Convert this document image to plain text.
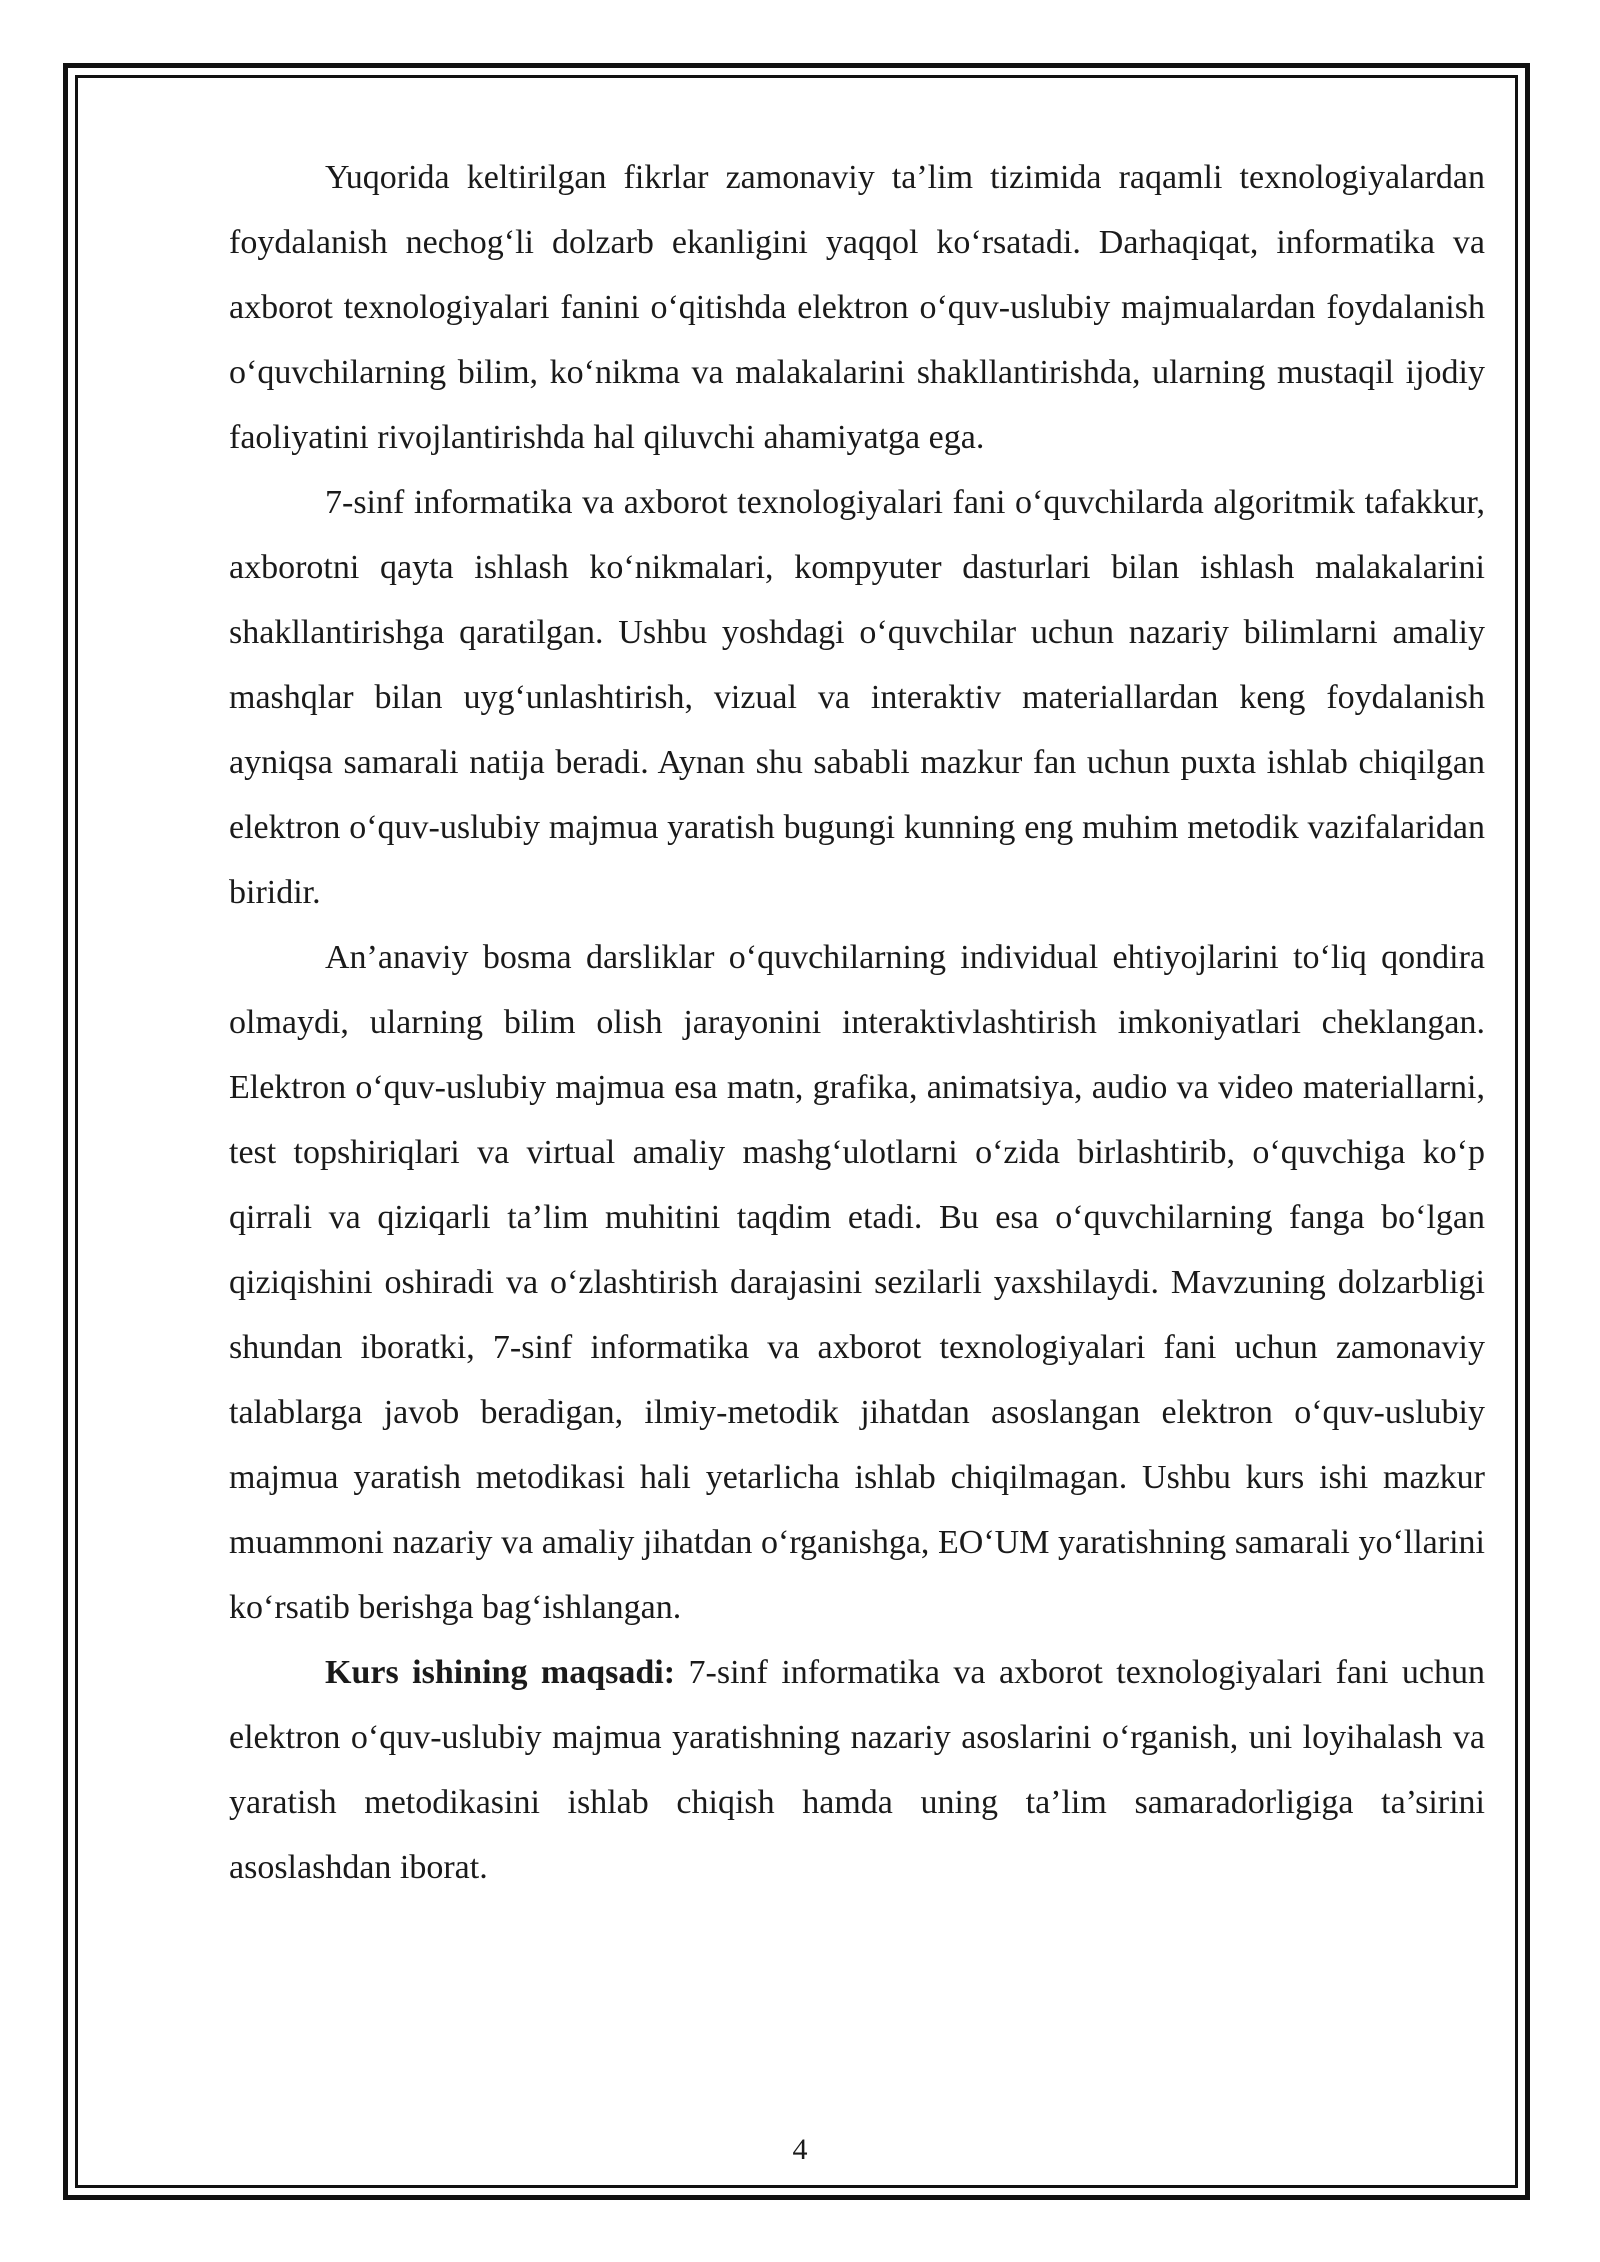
Yuqorida keltirilgan fikrlar zamonaviy ta’lim tizimida raqamli texnologiyalardan foydalanish nechog‘li dolzarb ekanligini yaqqol ko‘rsatadi. Darhaqiqat, informatika va axborot texnologiyalari fanini o‘qitishda elektron o‘quv-uslubiy majmualardan foydalanish o‘quvchilarning bilim, ko‘nikma va malakalarini shakllantirishda, ularning mustaqil ijodiy faoliyatini rivojlantirishda hal qiluvchi ahamiyatga ega.

7-sinf informatika va axborot texnologiyalari fani o‘quvchilarda algoritmik tafakkur, axborotni qayta ishlash ko‘nikmalari, kompyuter dasturlari bilan ishlash malakalarini shakllantirishga qaratilgan. Ushbu yoshdagi o‘quvchilar uchun nazariy bilimlarni amaliy mashqlar bilan uyg‘unlashtirish, vizual va interaktiv materiallardan keng foydalanish ayniqsa samarali natija beradi. Aynan shu sababli mazkur fan uchun puxta ishlab chiqilgan elektron o‘quv-uslubiy majmua yaratish bugungi kunning eng muhim metodik vazifalaridan biridir.

An’anaviy bosma darsliklar o‘quvchilarning individual ehtiyojlarini to‘liq qondira olmaydi, ularning bilim olish jarayonini interaktivlashtirish imkoniyatlari cheklangan. Elektron o‘quv-uslubiy majmua esa matn, grafika, animatsiya, audio va video materiallarni, test topshiriqlari va virtual amaliy mashg‘ulotlarni o‘zida birlashtirib, o‘quvchiga ko‘p qirrali va qiziqarli ta’lim muhitini taqdim etadi. Bu esa o‘quvchilarning fanga bo‘lgan qiziqishini oshiradi va o‘zlashtirish darajasini sezilarli yaxshilaydi. Mavzuning dolzarbligi shundan iboratki, 7-sinf informatika va axborot texnologiyalari fani uchun zamonaviy talablarga javob beradigan, ilmiy-metodik jihatdan asoslangan elektron o‘quv-uslubiy majmua yaratish metodikasi hali yetarlicha ishlab chiqilmagan. Ushbu kurs ishi mazkur muammoni nazariy va amaliy jihatdan o‘rganishga, EO‘UM yaratishning samarali yo‘llarini ko‘rsatib berishga bag‘ishlangan.

Kurs ishining maqsadi: 7-sinf informatika va axborot texnologiyalari fani uchun elektron o‘quv-uslubiy majmua yaratishning nazariy asoslarini o‘rganish, uni loyihalash va yaratish metodikasini ishlab chiqish hamda uning ta’lim samaradorligiga ta’sirini asoslashdan iborat.

4
